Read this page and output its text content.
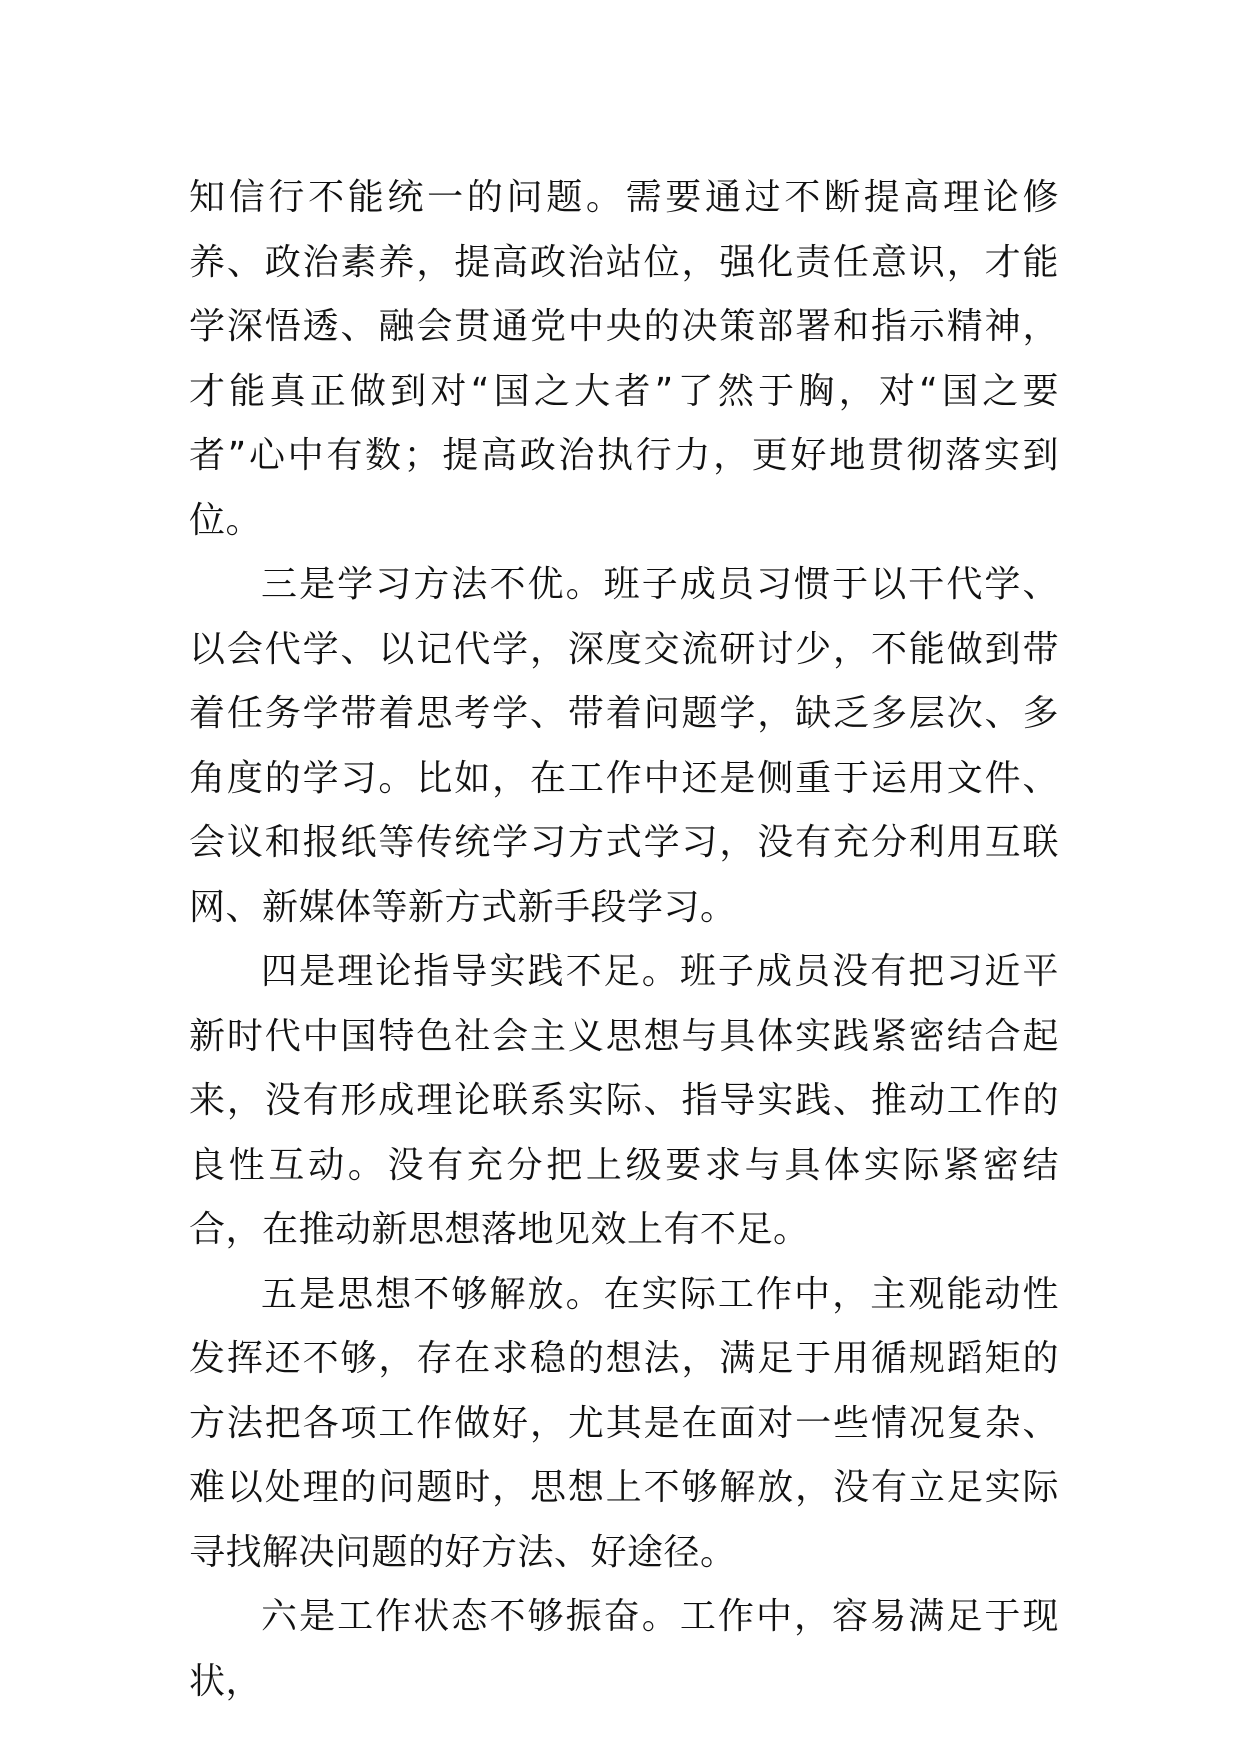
知信行不能统一的问题。需要通过不断提高理论修养、政治素养，提高政治站位，强化责任意识，才能学深悟透、融会贯通党中央的决策部署和指示精神，才能真正做到对“国之大者”了然于胸，对“国之要者”心中有数；提高政治执行力，更好地贯彻落实到位。

三是学习方法不优。班子成员习惯于以干代学、以会代学、以记代学，深度交流研讨少，不能做到带着任务学带着思考学、带着问题学，缺乏多层次、多角度的学习。比如，在工作中还是侧重于运用文件、会议和报纸等传统学习方式学习，没有充分利用互联网、新媒体等新方式新手段学习。

四是理论指导实践不足。班子成员没有把习近平新时代中国特色社会主义思想与具体实践紧密结合起来，没有形成理论联系实际、指导实践、推动工作的良性互动。没有充分把上级要求与具体实际紧密结合，在推动新思想落地见效上有不足。

五是思想不够解放。在实际工作中，主观能动性发挥还不够，存在求稳的想法，满足于用循规蹈矩的方法把各项工作做好，尤其是在面对一些情况复杂、难以处理的问题时，思想上不够解放，没有立足实际寻找解决问题的好方法、好途径。

六是工作状态不够振奋。工作中，容易满足于现状，
